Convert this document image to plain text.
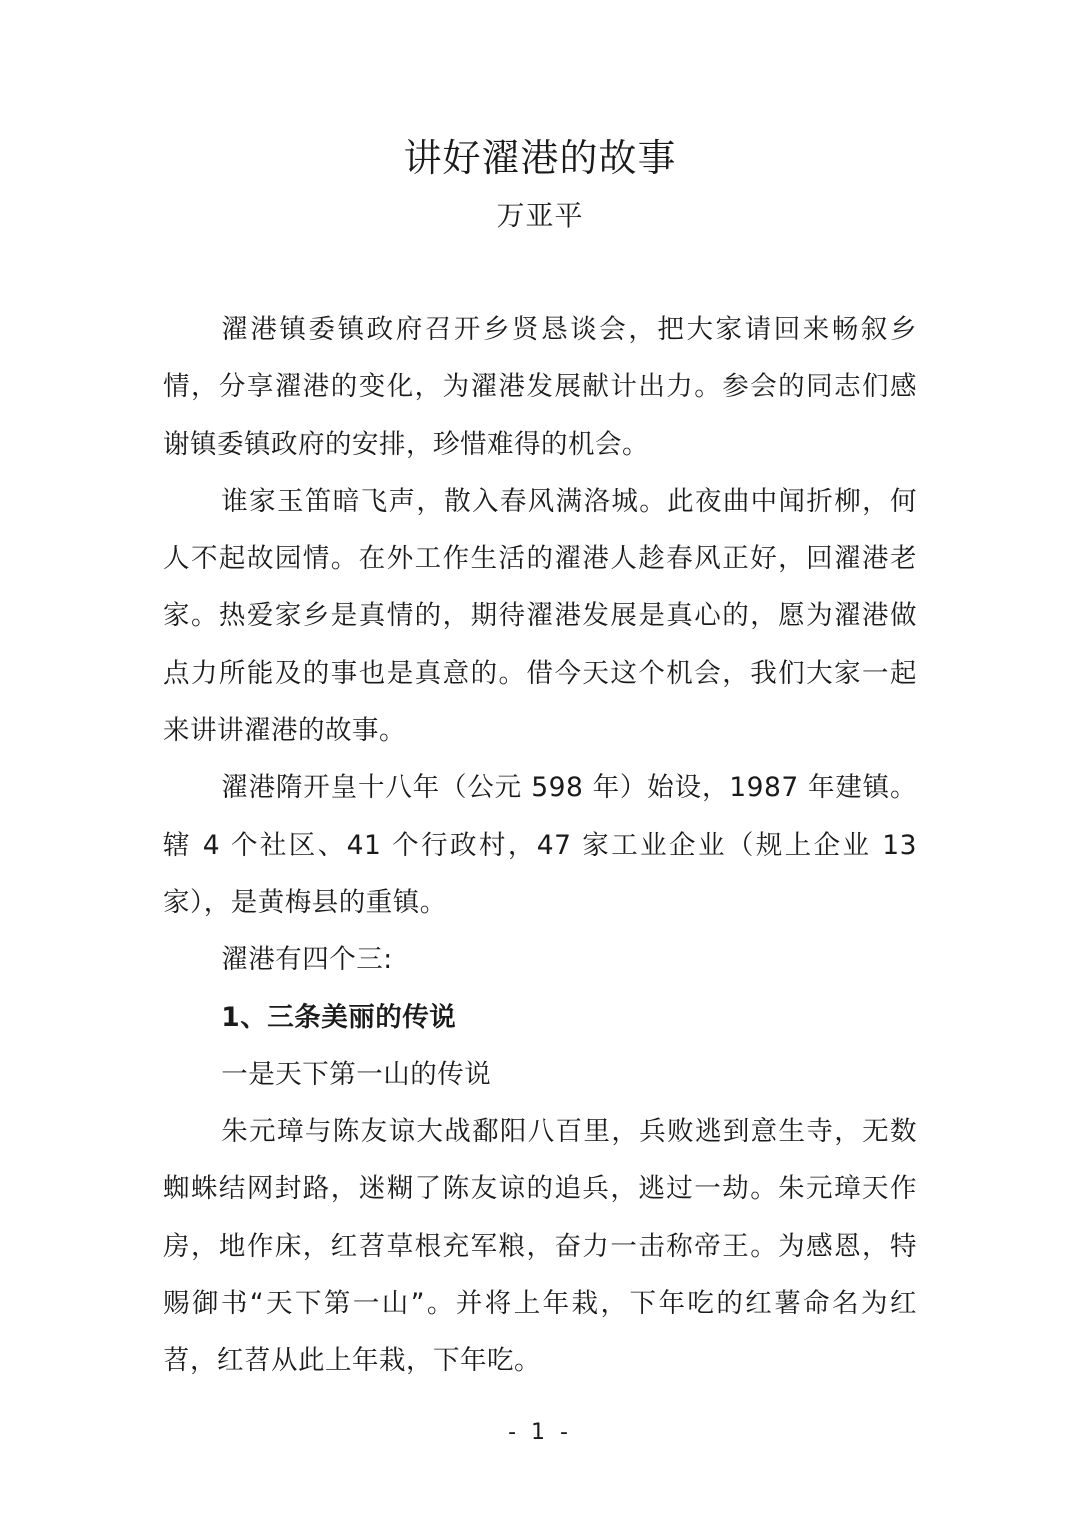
讲好濯港的故事

万亚平

濯港镇委镇政府召开乡贤恳谈会，把大家请回来畅叙乡情，分享濯港的变化，为濯港发展献计出力。参会的同志们感谢镇委镇政府的安排，珍惜难得的机会。

谁家玉笛暗飞声，散入春风满洛城。此夜曲中闻折柳，何人不起故园情。在外工作生活的濯港人趁春风正好，回濯港老家。热爱家乡是真情的，期待濯港发展是真心的，愿为濯港做点力所能及的事也是真意的。借今天这个机会，我们大家一起来讲讲濯港的故事。

濯港隋开皇十八年（公元 598 年）始设，1987 年建镇。辖 4 个社区、41 个行政村，47 家工业企业（规上企业 13 家），是黄梅县的重镇。

濯港有四个三:

1、三条美丽的传说

一是天下第一山的传说

朱元璋与陈友谅大战鄱阳八百里，兵败逃到意生寺，无数蜘蛛结网封路，迷糊了陈友谅的追兵，逃过一劫。朱元璋天作房，地作床，红苕草根充军粮，奋力一击称帝王。为感恩，特赐御书“天下第一山”。并将上年栽，下年吃的红薯命名为红苕，红苕从此上年栽，下年吃。

- 1 -
